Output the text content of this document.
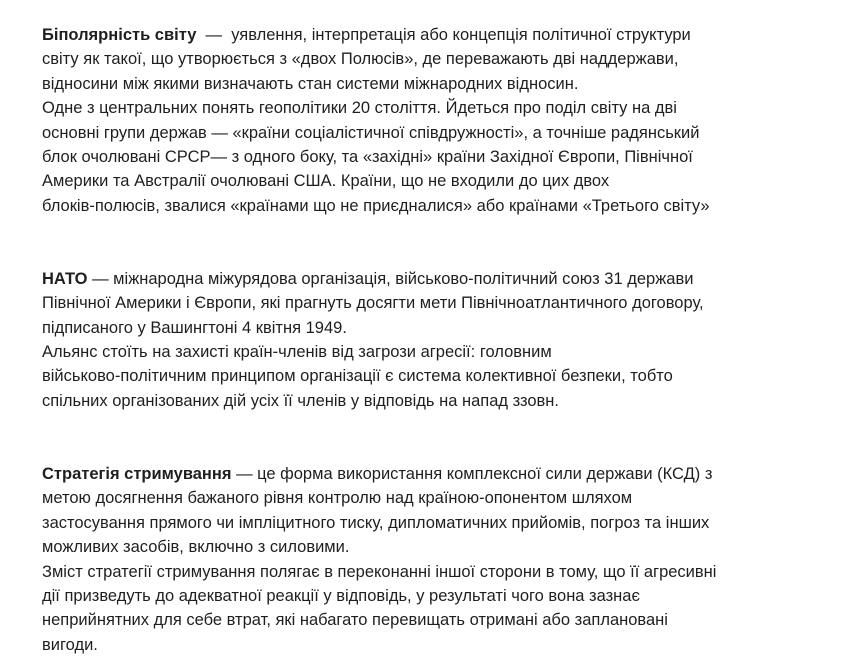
Біполярність світу  —  уявлення, інтерпретація або концепція політичної структури
світу як такої, що утворюється з «двох Полюсів», де переважають дві наддержави,
відносини між якими визначають стан системи міжнародних відносин.
Одне з центральних понять геополітики 20 століття. Йдеться про поділ світу на дві
основні групи держав — «країни соціалістичної співдружності», а точніше радянський
блок очолювані СРСР— з одного боку, та «західні» країни Західної Європи, Північної
Америки та Австралії очолювані США. Країни, що не входили до цих двох
блоків-полюсів, звалися «країнами що не приєдналися» або країнами «Третього світу»

НАТО — міжнародна міжурядова організація, військово-політичний союз 31 держави
Північної Америки і Європи, які прагнуть досягти мети Північноатлантичного договору,
підписаного у Вашингтоні 4 квітня 1949.
Альянс стоїть на захисті країн-членів від загрози агресії: головним
військово-політичним принципом організації є система колективної безпеки, тобто
спільних організованих дій усіх її членів у відповідь на напад ззовн.

Стратегія стримування — це форма використання комплексної сили держави (КСД) з
метою досягнення бажаного рівня контролю над країною-опонентом шляхом
застосування прямого чи імпліцитного тиску, дипломатичних прийомів, погроз та інших
можливих засобів, включно з силовими.
Зміст стратегії стримування полягає в переконанні іншої сторони в тому, що її агресивні
дії призведуть до адекватної реакції у відповідь, у результаті чого вона зазнає
неприйнятних для себе втрат, які набагато перевищать отримані або заплановані
вигоди.
